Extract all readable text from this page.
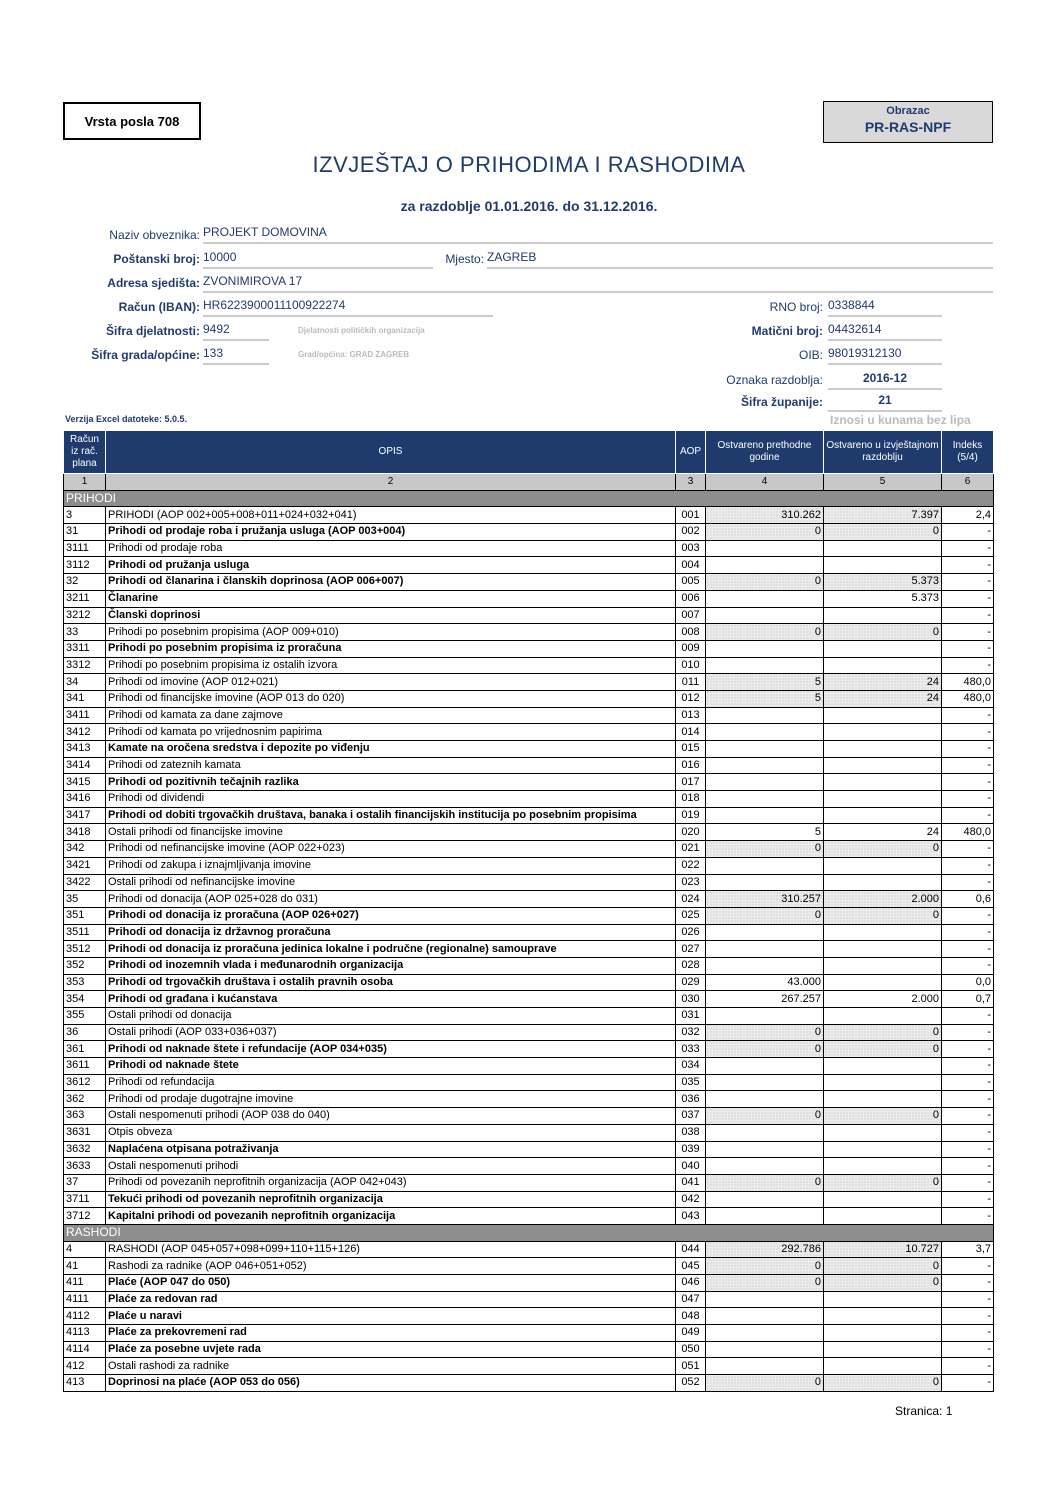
Vrsta posla 708
Obrazac
PR-RAS-NPF
IZVJEŠTAJ O PRIHODIMA I RASHODIMA
za razdoblje 01.01.2016. do 31.12.2016.
Naziv obveznika: PROJEKT DOMOVINA
Poštanski broj: 10000	Mjesto: ZAGREB
Adresa sjedišta: ZVONIMIROVA 17
Račun (IBAN): HR6223900011100922274	RNO broj: 0338844
Šifra djelatnosti: 9492	Djelatnosti političkih organizacija	Matični broj: 04432614
Šifra grada/općine: 133	Grad/općina: GRAD ZAGREB	OIB: 98019312130
Oznaka razdoblja:	2016-12
Šifra županije:	21
Verzija Excel datoteke: 5.0.5.	Iznosi u kunama bez lipa
Račun iz rač. plana	OPIS	AOP	Ostvareno prethodne godine	Ostvareno u izvještajnom razdoblju	Indeks (5/4)
1	2	3	4	5	6
PRIHODI					
3	PRIHODI (AOP 002+005+008+011+024+032+041)	001	310.262	7.397	2,4
31	Prihodi od prodaje roba i pružanja usluga (AOP 003+004)	002	0	0	-
3111	Prihodi od prodaje roba	003			-
3112	Prihodi od pružanja usluga	004			-
32	Prihodi od članarina i članskih doprinosa (AOP 006+007)	005	0	5.373	-
3211	Članarine	006		5.373	-
3212	Članski doprinosi	007			-
33	Prihodi po posebnim propisima (AOP 009+010)	008	0	0	-
3311	Prihodi po posebnim propisima iz proračuna	009			-
3312	Prihodi po posebnim propisima iz ostalih izvora	010			-
34	Prihodi od imovine (AOP 012+021)	011	5	24	480,0
341	Prihodi od financijske imovine (AOP 013 do 020)	012	5	24	480,0
3411	Prihodi od kamata za dane zajmove	013			-
3412	Prihodi od kamata po vrijednosnim papirima	014			-
3413	Kamate na oročena sredstva i depozite po viđenju	015			-
3414	Prihodi od zateznih kamata	016			-
3415	Prihodi od pozitivnih tečajnih razlika	017			-
3416	Prihodi od dividendi	018			-
3417	Prihodi od dobiti trgovačkih društava, banaka i ostalih financijskih institucija po posebnim propisima	019			-
3418	Ostali prihodi od financijske imovine	020	5	24	480,0
342	Prihodi od nefinancijske imovine (AOP 022+023)	021	0	0	-
3421	Prihodi od zakupa i iznajmljivanja imovine	022			-
3422	Ostali prihodi od nefinancijske imovine	023			-
35	Prihodi od donacija (AOP 025+028 do 031)	024	310.257	2.000	0,6
351	Prihodi od donacija iz proračuna (AOP 026+027)	025	0	0	-
3511	Prihodi od donacija iz državnog proračuna	026			-
3512	Prihodi od donacija iz proračuna jedinica lokalne i područne (regionalne) samouprave	027			-
352	Prihodi od inozemnih vlada i međunarodnih organizacija	028			-
353	Prihodi od trgovačkih društava i ostalih pravnih osoba	029	43.000		0,0
354	Prihodi od građana i kućanstava	030	267.257	2.000	0,7
355	Ostali prihodi od donacija	031			-
36	Ostali prihodi (AOP 033+036+037)	032	0	0	-
361	Prihodi od naknade štete i refundacije (AOP 034+035)	033	0	0	-
3611	Prihodi od naknade štete	034			-
3612	Prihodi od refundacija	035			-
362	Prihodi od prodaje dugotrajne imovine	036			-
363	Ostali nespomenuti prihodi (AOP 038 do 040)	037	0	0	-
3631	Otpis obveza	038			-
3632	Naplaćena otpisana potraživanja	039			-
3633	Ostali nespomenuti prihodi	040			-
37	Prihodi od povezanih neprofitnih organizacija (AOP 042+043)	041	0	0	-
3711	Tekući prihodi od povezanih neprofitnih organizacija	042			-
3712	Kapitalni prihodi od povezanih neprofitnih organizacija	043			-
RASHODI					
4	RASHODI (AOP 045+057+098+099+110+115+126)	044	292.786	10.727	3,7
41	Rashodi za radnike (AOP 046+051+052)	045	0	0	-
411	Plaće (AOP 047 do 050)	046	0	0	-
4111	Plaće za redovan rad	047			-
4112	Plaće u naravi	048			-
4113	Plaće za prekovremeni rad	049			-
4114	Plaće za posebne uvjete rada	050			-
412	Ostali rashodi za radnike	051			-
413	Doprinosi na plaće (AOP 053 do 056)	052	0	0	-
Stranica: 1
